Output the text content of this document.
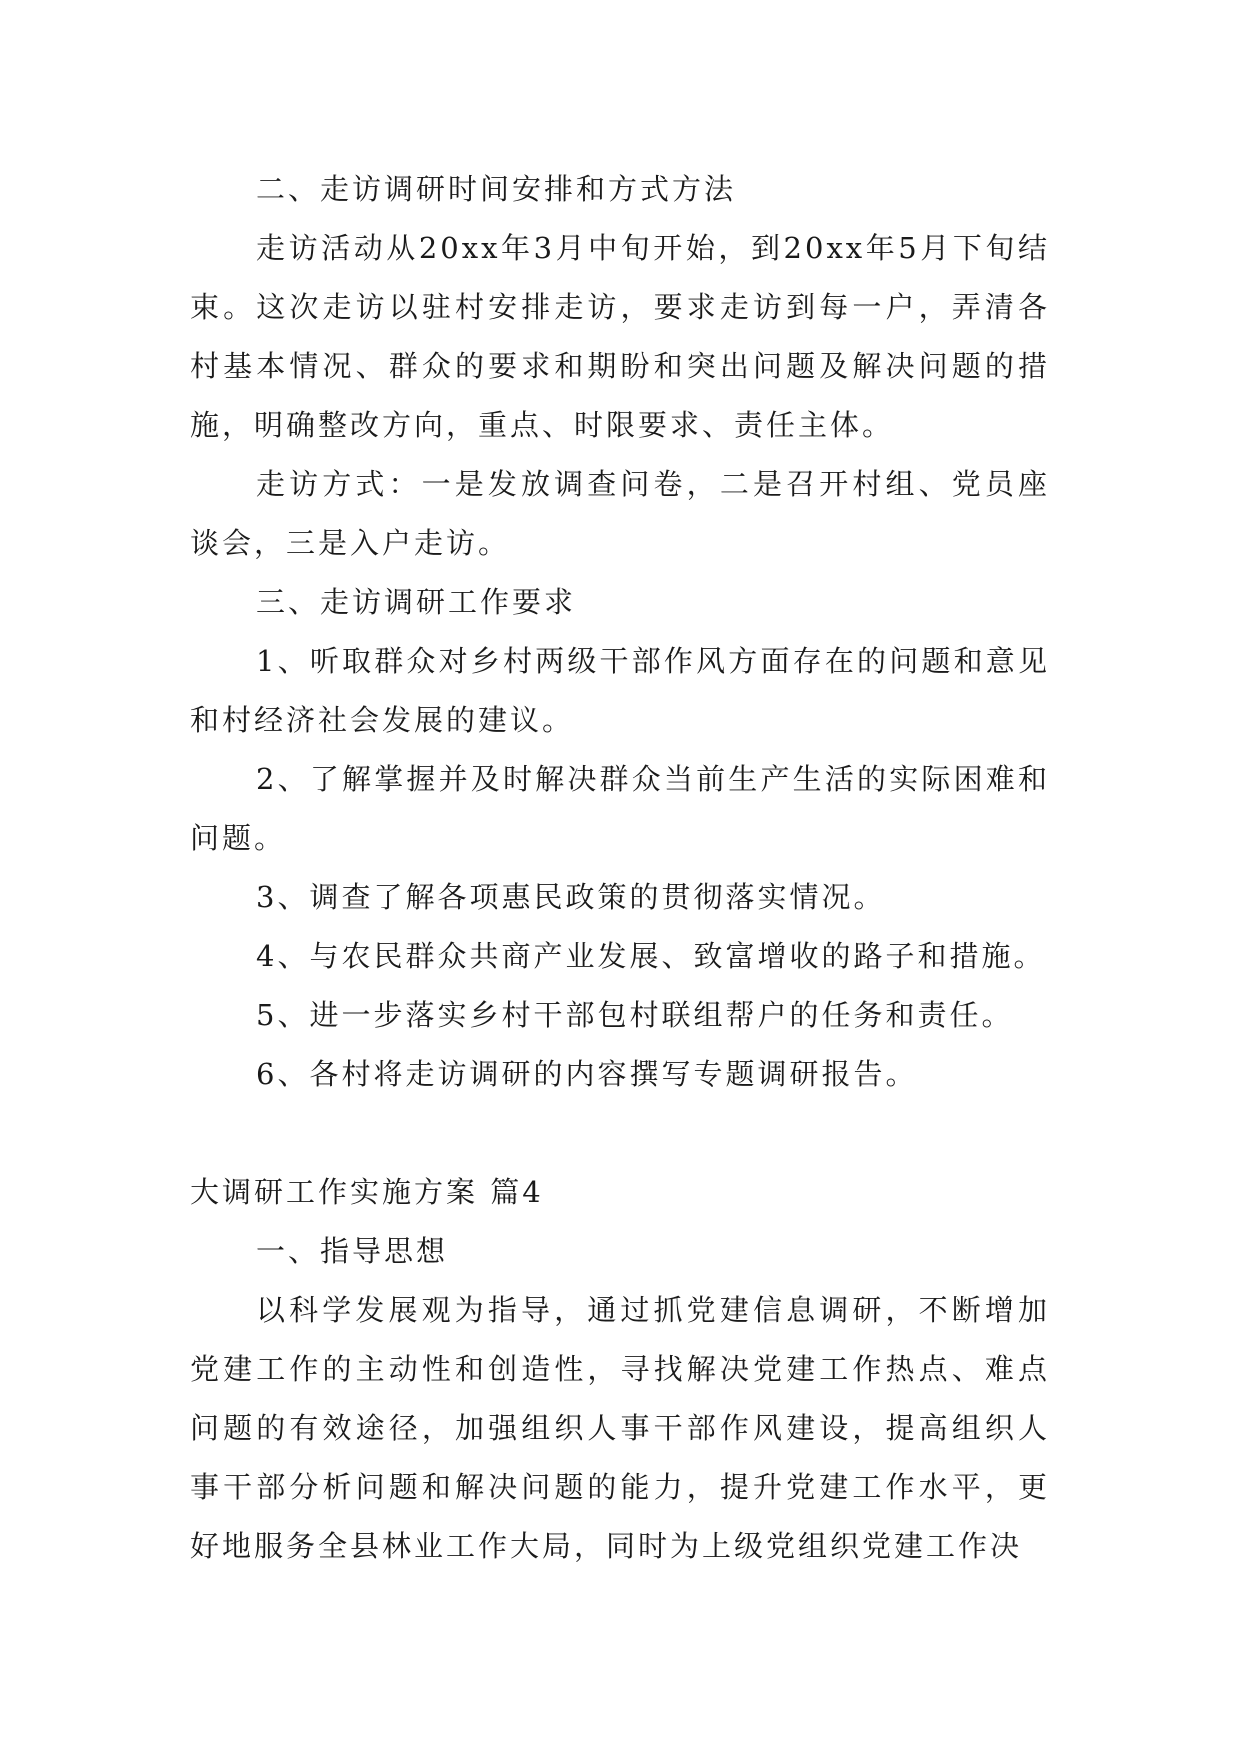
二、走访调研时间安排和方式方法

走访活动从20xx年3月中旬开始，到20xx年5月下旬结束。这次走访以驻村安排走访，要求走访到每一户，弄清各村基本情况、群众的要求和期盼和突出问题及解决问题的措施，明确整改方向，重点、时限要求、责任主体。

走访方式：一是发放调查问卷，二是召开村组、党员座谈会，三是入户走访。

三、走访调研工作要求

1、听取群众对乡村两级干部作风方面存在的问题和意见和村经济社会发展的建议。

2、了解掌握并及时解决群众当前生产生活的实际困难和问题。

3、调查了解各项惠民政策的贯彻落实情况。

4、与农民群众共商产业发展、致富增收的路子和措施。

5、进一步落实乡村干部包村联组帮户的任务和责任。

6、各村将走访调研的内容撰写专题调研报告。

大调研工作实施方案 篇4

一、指导思想

以科学发展观为指导，通过抓党建信息调研，不断增加党建工作的主动性和创造性，寻找解决党建工作热点、难点问题的有效途径，加强组织人事干部作风建设，提高组织人事干部分析问题和解决问题的能力，提升党建工作水平，更好地服务全县林业工作大局，同时为上级党组织党建工作决
